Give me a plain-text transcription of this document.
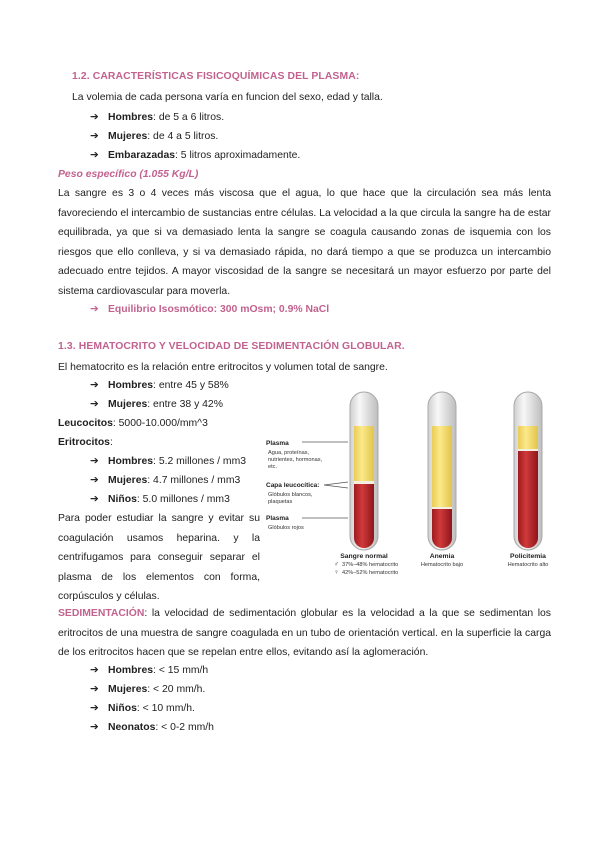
1.2. CARACTERÍSTICAS FISICOQUÍMICAS DEL PLASMA:
La volemia de cada persona varía en funcion del sexo, edad y talla.
➔ Hombres: de 5 a 6 litros.
➔ Mujeres: de 4 a 5 litros.
➔ Embarazadas: 5 litros aproximadamente.
Peso específico (1.055 Kg/L)
La sangre es 3 o 4 veces más viscosa que el agua, lo que hace que la circulación sea más lenta favoreciendo el intercambio de sustancias entre células. La velocidad a la que circula la sangre ha de estar equilibrada, ya que si va demasiado lenta la sangre se coagula causando zonas de isquemia con los riesgos que ello conlleva, y si va demasiado rápida, no dará tiempo a que se produzca un intercambio adecuado entre tejidos. A mayor viscosidad de la sangre se necesitará un mayor esfuerzo por parte del sistema cardiovascular para moverla.
➔ Equilibrio Isosmótico: 300 mOsm; 0.9% NaCl
1.3. HEMATOCRITO Y VELOCIDAD DE SEDIMENTACIÓN GLOBULAR.
El hematocrito es la relación entre eritrocitos y volumen total de sangre.
➔ Hombres: entre 45 y 58%
➔ Mujeres: entre 38 y 42%
Leucocitos: 5000-10.000/mm^3
Eritrocitos:
➔ Hombres: 5.2 millones / mm3
➔ Mujeres: 4.7 millones / mm3
➔ Niños: 5.0 millones / mm3
Para poder estudiar la sangre y evitar su coagulación usamos heparina. y la centrifugamos para conseguir separar el plasma de los elementos con forma, corpúsculos y células.
Plasma
Agua, proteínas,
nutrientes, hormonas,
etc.
Capa leucocítica:
Glóbulos blancos,
plaquetas
Plasma
Glóbulos rojos
Sangre normal
♂ 37%–48% hematocrito
♀ 42%–52% hematocrito
Anemia
Hematocrito bajo
Policitemia
Hematocrito alto
SEDIMENTACIÓN: la velocidad de sedimentación globular es la velocidad a la que se sedimentan los eritrocitos de una muestra de sangre coagulada en un tubo de orientación vertical. en la superficie la carga de los eritrocitos hacen que se repelan entre ellos, evitando así la aglomeración.
➔ Hombres: < 15 mm/h
➔ Mujeres: < 20 mm/h.
➔ Niños: < 10 mm/h.
➔ Neonatos: < 0-2 mm/h
